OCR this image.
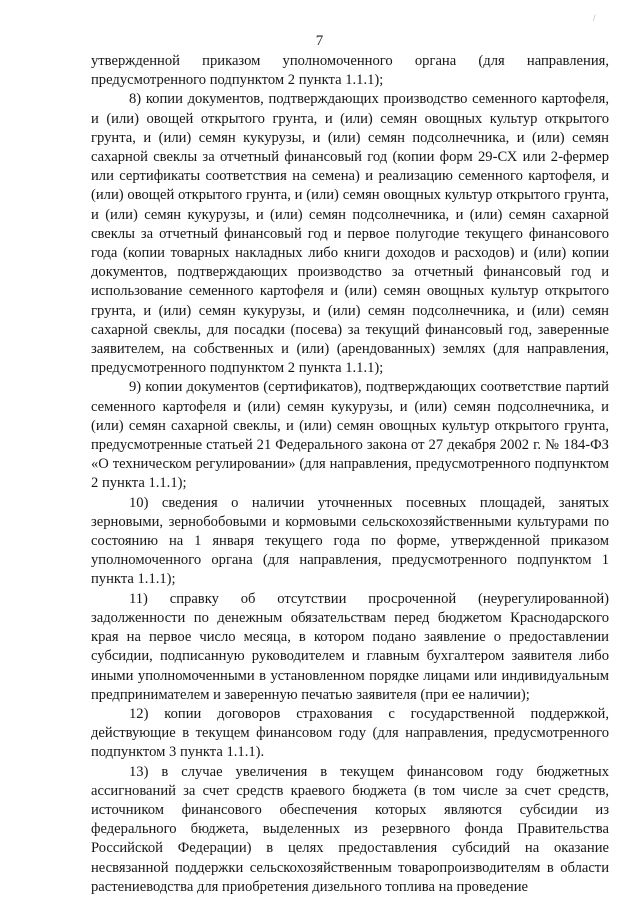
/
7

утвержденной приказом уполномоченного органа (для направления, предусмотренного подпунктом 2 пункта 1.1.1);

8) копии документов, подтверждающих производство семенного картофеля, и (или) овощей открытого грунта, и (или) семян овощных культур открытого грунта, и (или) семян кукурузы, и (или) семян подсолнечника, и (или) семян сахарной свеклы за отчетный финансовый год (копии форм 29-СХ или 2-фермер или сертификаты соответствия на семена) и реализацию семенного картофеля, и (или) овощей открытого грунта, и (или) семян овощных культур открытого грунта, и (или) семян кукурузы, и (или) семян подсолнечника, и (или) семян сахарной свеклы за отчетный финансовый год и первое полугодие текущего финансового года (копии товарных накладных либо книги доходов и расходов) и (или) копии документов, подтверждающих производство за отчетный финансовый год и использование семенного картофеля и (или) семян овощных культур открытого грунта, и (или) семян кукурузы, и (или) семян подсолнечника, и (или) семян сахарной свеклы, для посадки (посева) за текущий финансовый год, заверенные заявителем, на собственных и (или) (арендованных) землях (для направления, предусмотренного подпунктом 2 пункта 1.1.1);

9) копии документов (сертификатов), подтверждающих соответствие партий семенного картофеля и (или) семян кукурузы, и (или) семян подсолнечника, и (или) семян сахарной свеклы, и (или) семян овощных культур открытого грунта, предусмотренные статьей 21 Федерального закона от 27 декабря 2002 г. № 184-ФЗ «О техническом регулировании» (для направления, предусмотренного подпунктом 2 пункта 1.1.1);

10) сведения о наличии уточненных посевных площадей, занятых зерновыми, зернобобовыми и кормовыми сельскохозяйственными культурами по состоянию на 1 января текущего года по форме, утвержденной приказом уполномоченного органа (для направления, предусмотренного подпунктом 1 пункта 1.1.1);

11) справку об отсутствии просроченной (неурегулированной) задолженности по денежным обязательствам перед бюджетом Краснодарского края на первое число месяца, в котором подано заявление о предоставлении субсидии, подписанную руководителем и главным бухгалтером заявителя либо иными уполномоченными в установленном порядке лицами или индивидуальным предпринимателем и заверенную печатью заявителя (при ее наличии);

12) копии договоров страхования с государственной поддержкой, действующие в текущем финансовом году (для направления, предусмотренного подпунктом 3 пункта 1.1.1).

13) в случае увеличения в текущем финансовом году бюджетных ассигнований за счет средств краевого бюджета (в том числе за счет средств, источником финансового обеспечения которых являются субсидии из федерального бюджета, выделенных из резервного фонда Правительства Российской Федерации) в целях предоставления субсидий на оказание несвязанной поддержки сельскохозяйственным товаропроизводителям в области растениеводства для приобретения дизельного топлива на проведение
